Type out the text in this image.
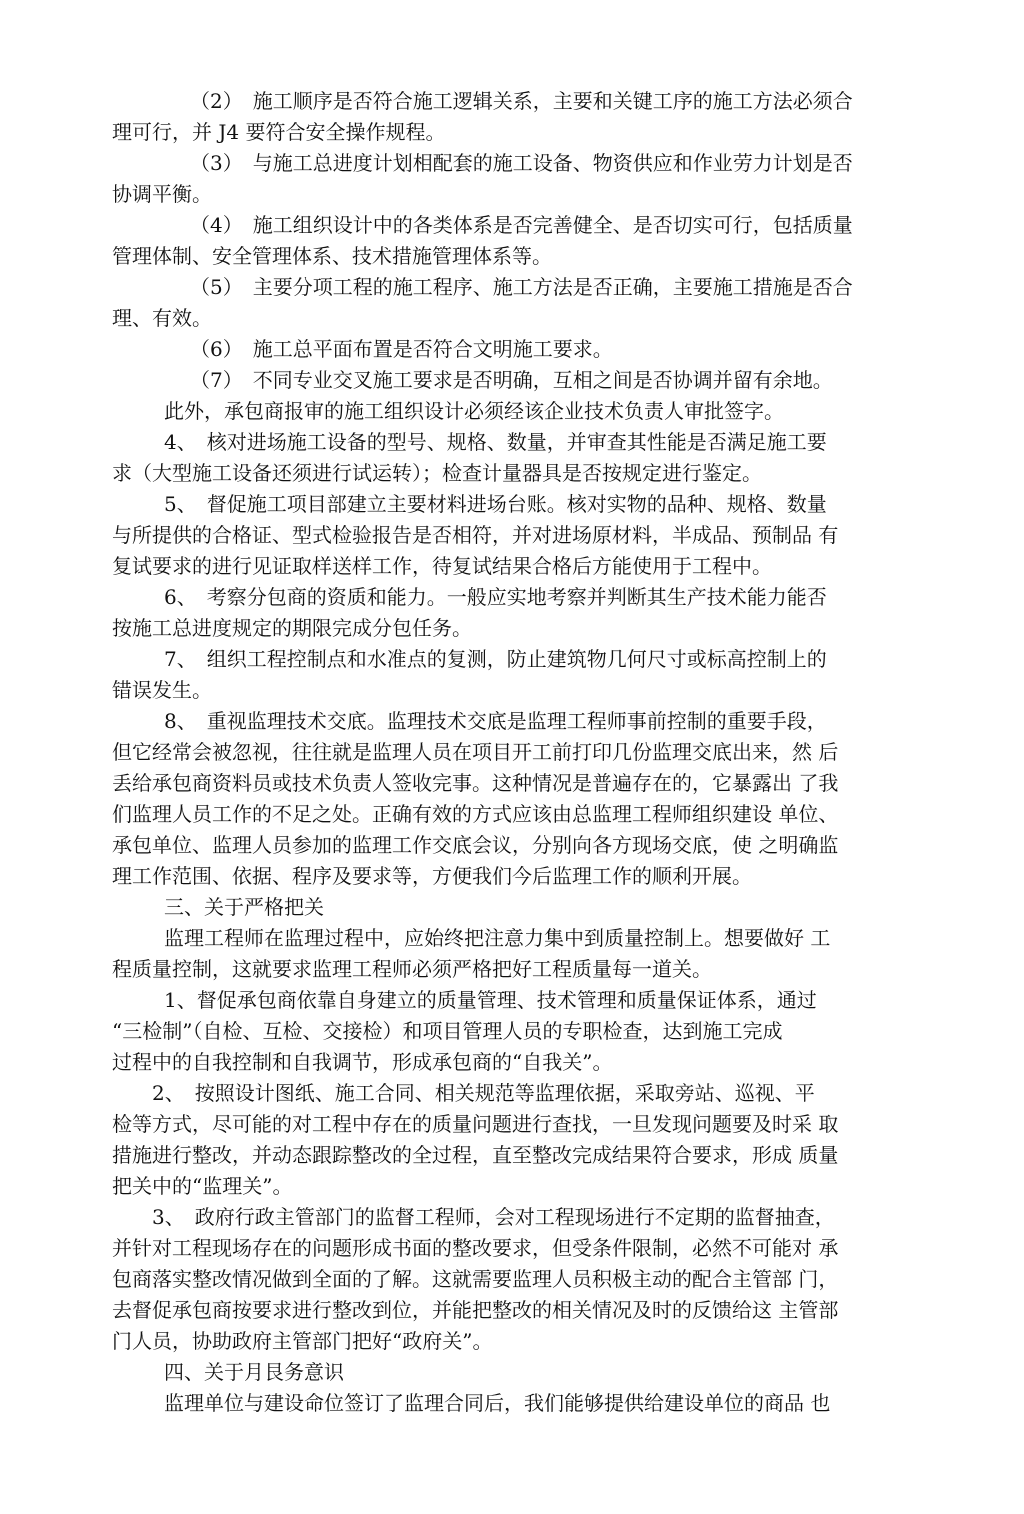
（2）　施工顺序是否符合施工逻辑关系，主要和关键工序的施工方法必须合
理可行，并 J4 要符合安全操作规程。
（3）　与施工总进度计划相配套的施工设备、物资供应和作业劳力计划是否
协调平衡。
（4）　施工组织设计中的各类体系是否完善健全、是否切实可行，包括质量
管理体制、安全管理体系、技术措施管理体系等。
（5）　主要分项工程的施工程序、施工方法是否正确，主要施工措施是否合
理、有效。
（6）　施工总平面布置是否符合文明施工要求。
（7）　不同专业交叉施工要求是否明确，互相之间是否协调并留有余地。
此外，承包商报审的施工组织设计必须经该企业技术负责人审批签字。
4、　核对进场施工设备的型号、规格、数量，并审查其性能是否满足施工要
求（大型施工设备还须进行试运转）；检查计量器具是否按规定进行鉴定。
5、　督促施工项目部建立主要材料进场台账。核对实物的品种、规格、数量
与所提供的合格证、型式检验报告是否相符，并对进场原材料，半成品、预制品 有
复试要求的进行见证取样送样工作，待复试结果合格后方能使用于工程中。
6、　考察分包商的资质和能力。一般应实地考察并判断其生产技术能力能否
按施工总进度规定的期限完成分包任务。
7、　组织工程控制点和水准点的复测，防止建筑物几何尺寸或标高控制上的
错误发生。
8、　重视监理技术交底。监理技术交底是监理工程师事前控制的重要手段，
但它经常会被忽视，往往就是监理人员在项目开工前打印几份监理交底出来，然 后
丢给承包商资料员或技术负责人签收完事。这种情况是普遍存在的，它暴露出 了我
们监理人员工作的不足之处。正确有效的方式应该由总监理工程师组织建设 单位、
承包单位、监理人员参加的监理工作交底会议，分别向各方现场交底，使 之明确监
理工作范围、依据、程序及要求等，方便我们今后监理工作的顺利开展。
三、关于严格把关
监理工程师在监理过程中，应始终把注意力集中到质量控制上。想要做好 工
程质量控制，这就要求监理工程师必须严格把好工程质量每一道关。
1、督促承包商依靠自身建立的质量管理、技术管理和质量保证体系，通过
“三检制”（自检、互检、交接检）和项目管理人员的专职检查，达到施工完成
过程中的自我控制和自我调节，形成承包商的“自我关”。
2、　按照设计图纸、施工合同、相关规范等监理依据，采取旁站、巡视、平
检等方式，尽可能的对工程中存在的质量问题进行查找，一旦发现问题要及时采 取
措施进行整改，并动态跟踪整改的全过程，直至整改完成结果符合要求，形成 质量
把关中的“监理关”。
3、　政府行政主管部门的监督工程师，会对工程现场进行不定期的监督抽查，
并针对工程现场存在的问题形成书面的整改要求，但受条件限制，必然不可能对 承
包商落实整改情况做到全面的了解。这就需要监理人员积极主动的配合主管部 门，
去督促承包商按要求进行整改到位，并能把整改的相关情况及时的反馈给这 主管部
门人员，协助政府主管部门把好“政府关”。
四、关于月艮务意识
监理单位与建设命位签订了监理合同后，我们能够提供给建设单位的商品 也
